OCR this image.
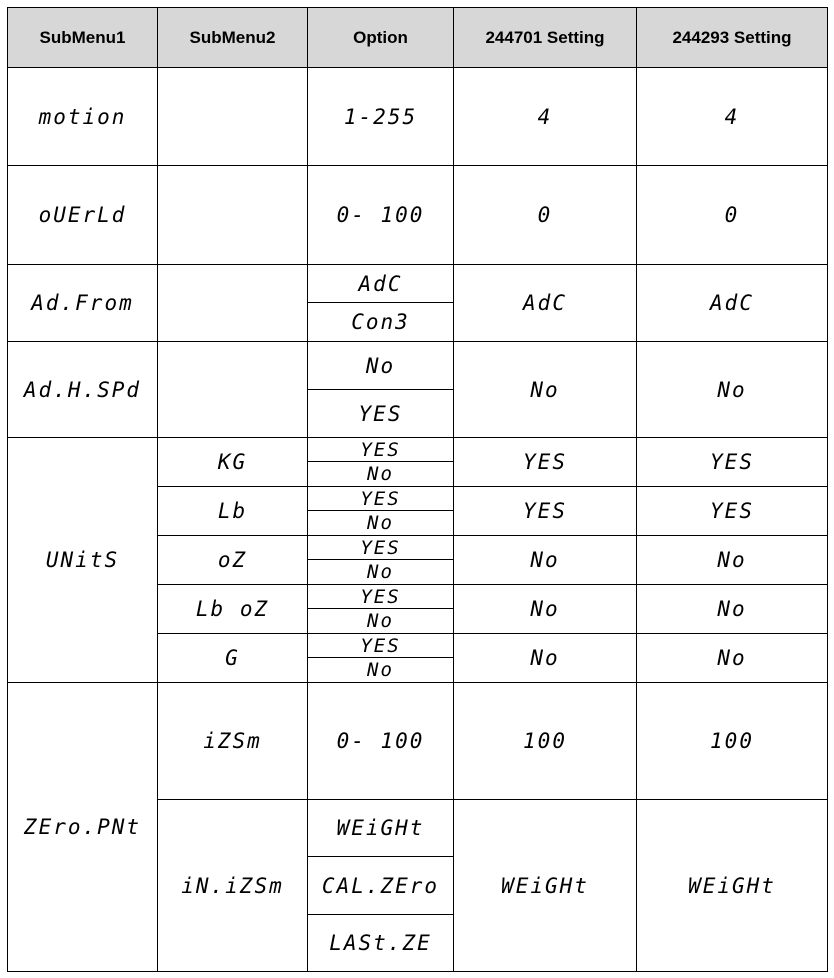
SubMenu1	SubMenu2	Option	244701 Setting	244293 Setting
motion		1-255	4	4
oUErLd		0- 100	0	0
Ad.From		AdC	AdC	AdC
		Con3		
Ad.H.SPd		No	No	No
		YES		
UNitS	KG	YES	YES	YES
		No		
	Lb	YES	YES	YES
		No		
	oZ	YES	No	No
		No		
	Lb oZ	YES	No	No
		No		
	G	YES	No	No
		No		
ZEro.PNt	iZSm	0- 100	100	100
	iN.iZSm	WEiGHt	WEiGHt	WEiGHt
		CAL.ZEro		
		LASt.ZE		
